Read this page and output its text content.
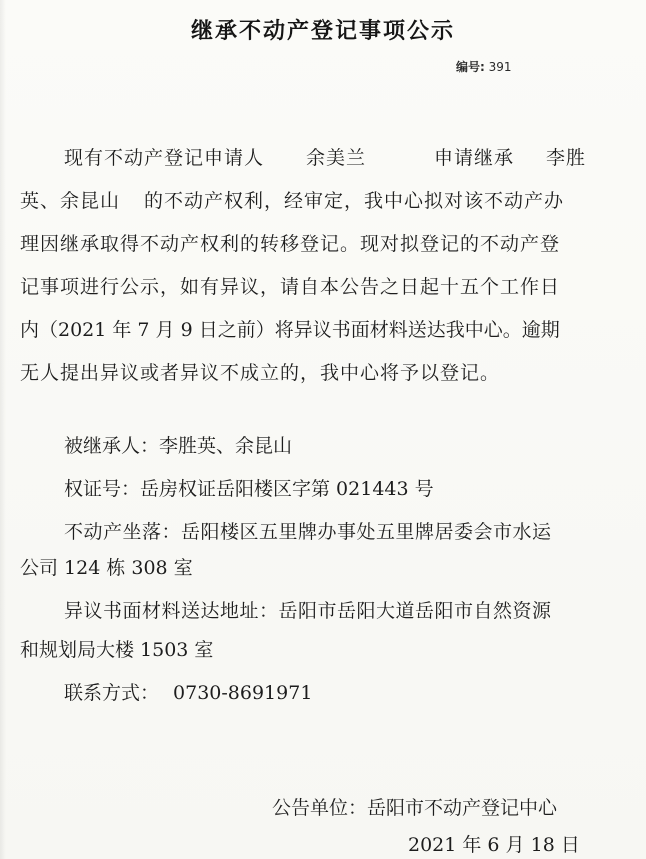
继承不动产登记事项公示
编号: 391
现有不动产登记申请人 余美兰	申请继承 李胜
英、余昆山 的不动产权利，经审定，我中心拟对该不动产办
理因继承取得不动产权利的转移登记。现对拟登记的不动产登
记事项进行公示，如有异议，请自本公告之日起十五个工作日
内（2021 年 7 月 9 日之前）将异议书面材料送达我中心。逾期
无人提出异议或者异议不成立的，我中心将予以登记。
被继承人：李胜英、余昆山
权证号：岳房权证岳阳楼区字第 021443 号
不动产坐落：岳阳楼区五里牌办事处五里牌居委会市水运
公司 124 栋 308 室
异议书面材料送达地址：岳阳市岳阳大道岳阳市自然资源
和规划局大楼 1503 室
联系方式： 0730-8691971
公告单位：岳阳市不动产登记中心
2021 年 6 月 18 日
